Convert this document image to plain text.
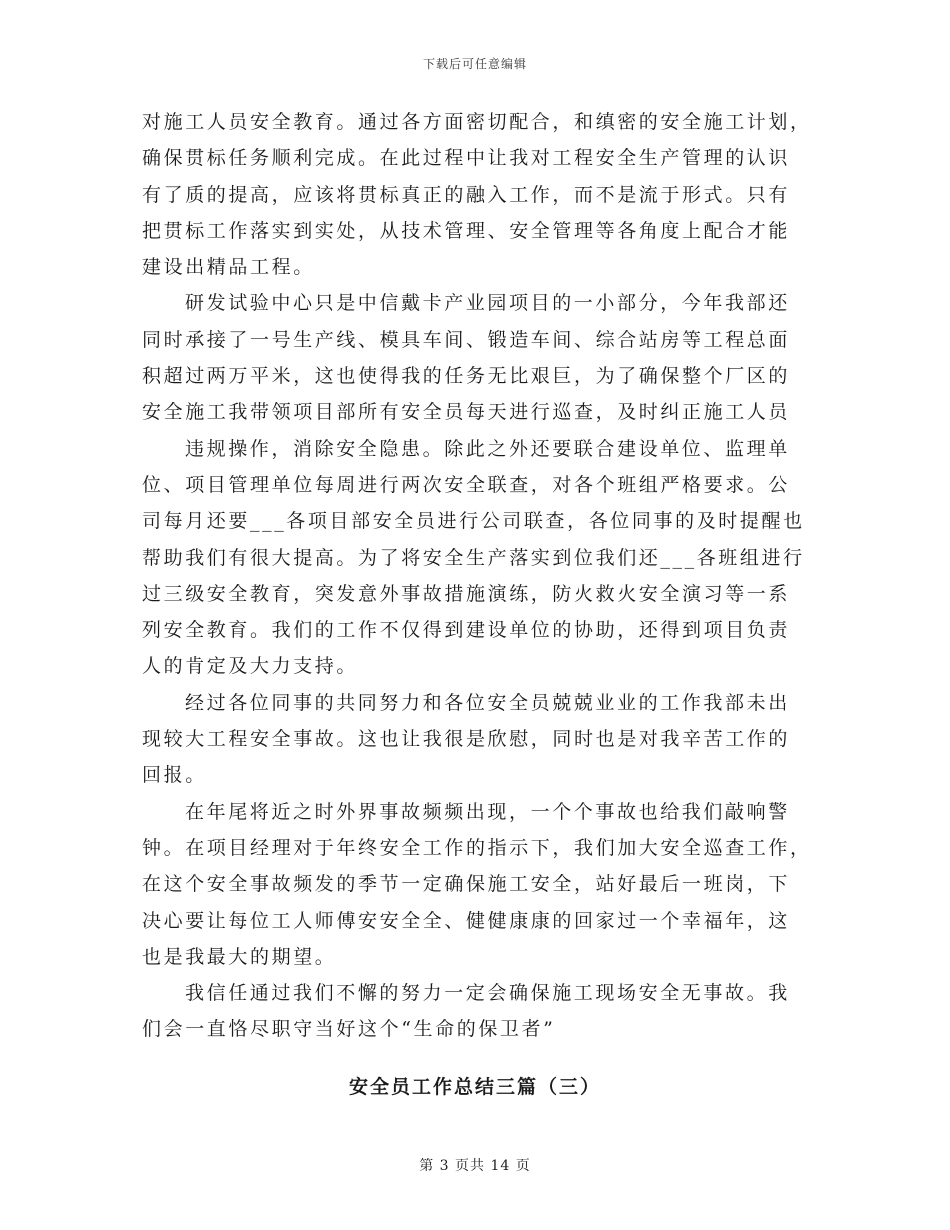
下载后可任意编辑
对施工人员安全教育。通过各方面密切配合，和缜密的安全施工计划，
确保贯标任务顺利完成。在此过程中让我对工程安全生产管理的认识
有了质的提高，应该将贯标真正的融入工作，而不是流于形式。只有
把贯标工作落实到实处，从技术管理、安全管理等各角度上配合才能
建设出精品工程。
研发试验中心只是中信戴卡产业园项目的一小部分，今年我部还
同时承接了一号生产线、模具车间、锻造车间、综合站房等工程总面
积超过两万平米，这也使得我的任务无比艰巨，为了确保整个厂区的
安全施工我带领项目部所有安全员每天进行巡查，及时纠正施工人员
违规操作，消除安全隐患。除此之外还要联合建设单位、监理单
位、项目管理单位每周进行两次安全联查，对各个班组严格要求。公
司每月还要___各项目部安全员进行公司联查，各位同事的及时提醒也
帮助我们有很大提高。为了将安全生产落实到位我们还___各班组进行
过三级安全教育，突发意外事故措施演练，防火救火安全演习等一系
列安全教育。我们的工作不仅得到建设单位的协助，还得到项目负责
人的肯定及大力支持。
经过各位同事的共同努力和各位安全员兢兢业业的工作我部未出
现较大工程安全事故。这也让我很是欣慰，同时也是对我辛苦工作的
回报。
在年尾将近之时外界事故频频出现，一个个事故也给我们敲响警
钟。在项目经理对于年终安全工作的指示下，我们加大安全巡查工作，
在这个安全事故频发的季节一定确保施工安全，站好最后一班岗，下
决心要让每位工人师傅安安全全、健健康康的回家过一个幸福年，这
也是我最大的期望。
我信任通过我们不懈的努力一定会确保施工现场安全无事故。我
们会一直恪尽职守当好这个“生命的保卫者”
安全员工作总结三篇（三）
第 3 页共 14 页
